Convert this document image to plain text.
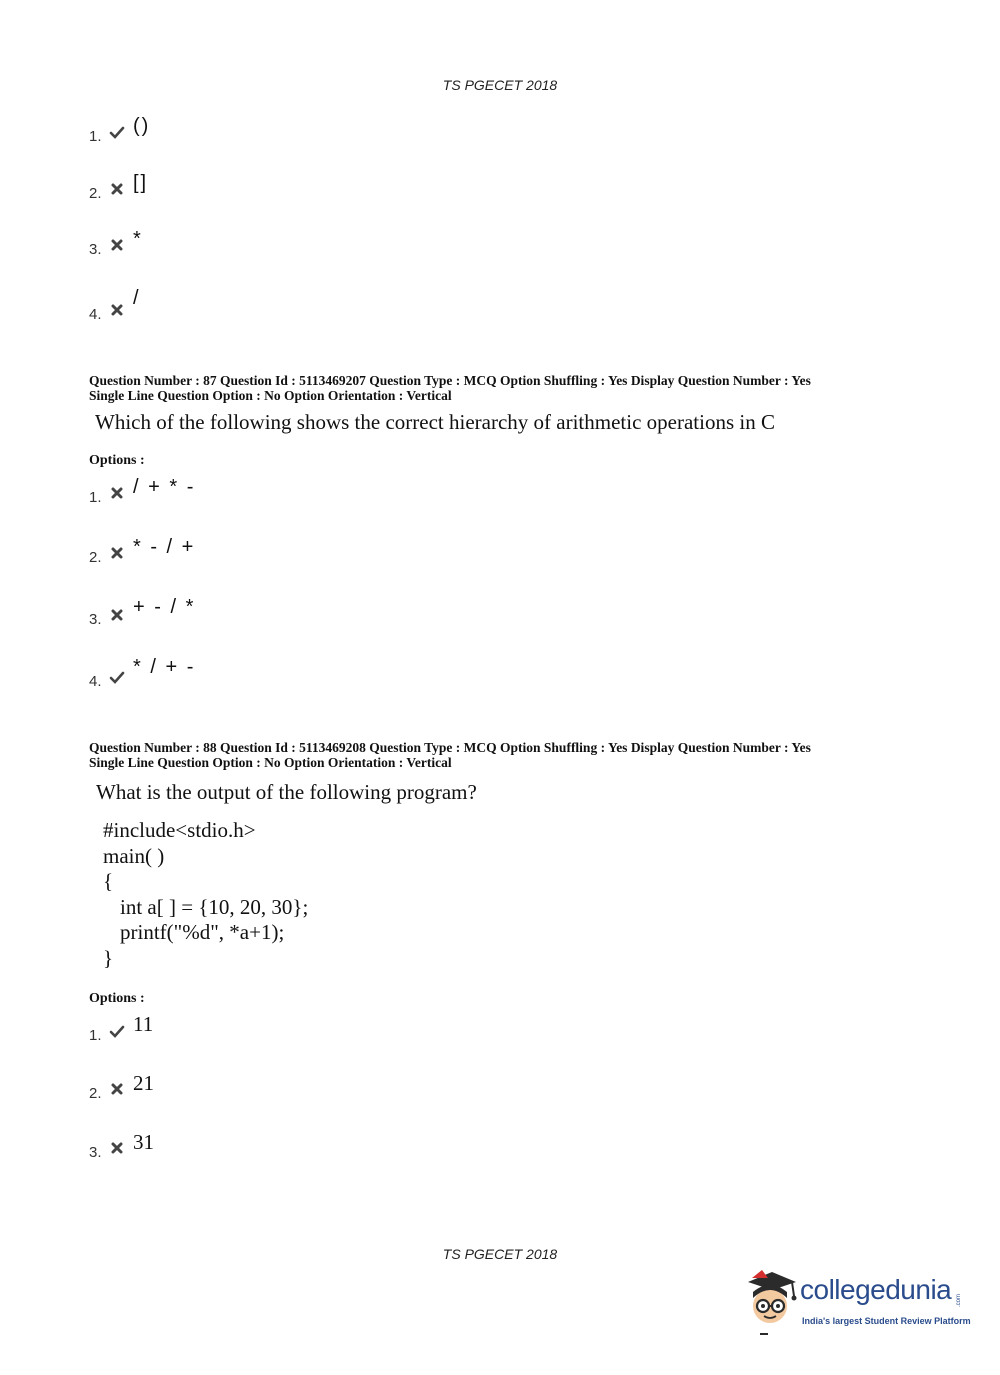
TS PGECET 2018
1. ()
2. []
3. *
4.
/
Question Number : 87 Question Id : 5113469207 Question Type : MCQ Option Shuffling : Yes Display Question Number : Yes
Single Line Question Option : No Option Orientation : Vertical
Which of the following shows the correct hierarchy of arithmetic operations in C
Options :
1. / + * -
2. * - / +
3.
+ - / *
4.
* / + -
Question Number : 88 Question Id : 5113469208 Question Type : MCQ Option Shuffling : Yes Display Question Number : Yes
Single Line Question Option : No Option Orientation : Vertical
What is the output of the following program?
#include<stdio.h>
main( )
{
int a[ ] = {10, 20, 30};
printf("%d", *a+1);
}
Options :
1. 11
2. 21
3. 31
TS PGECET 2018
collegedunia .com
India's largest Student Review Platform
